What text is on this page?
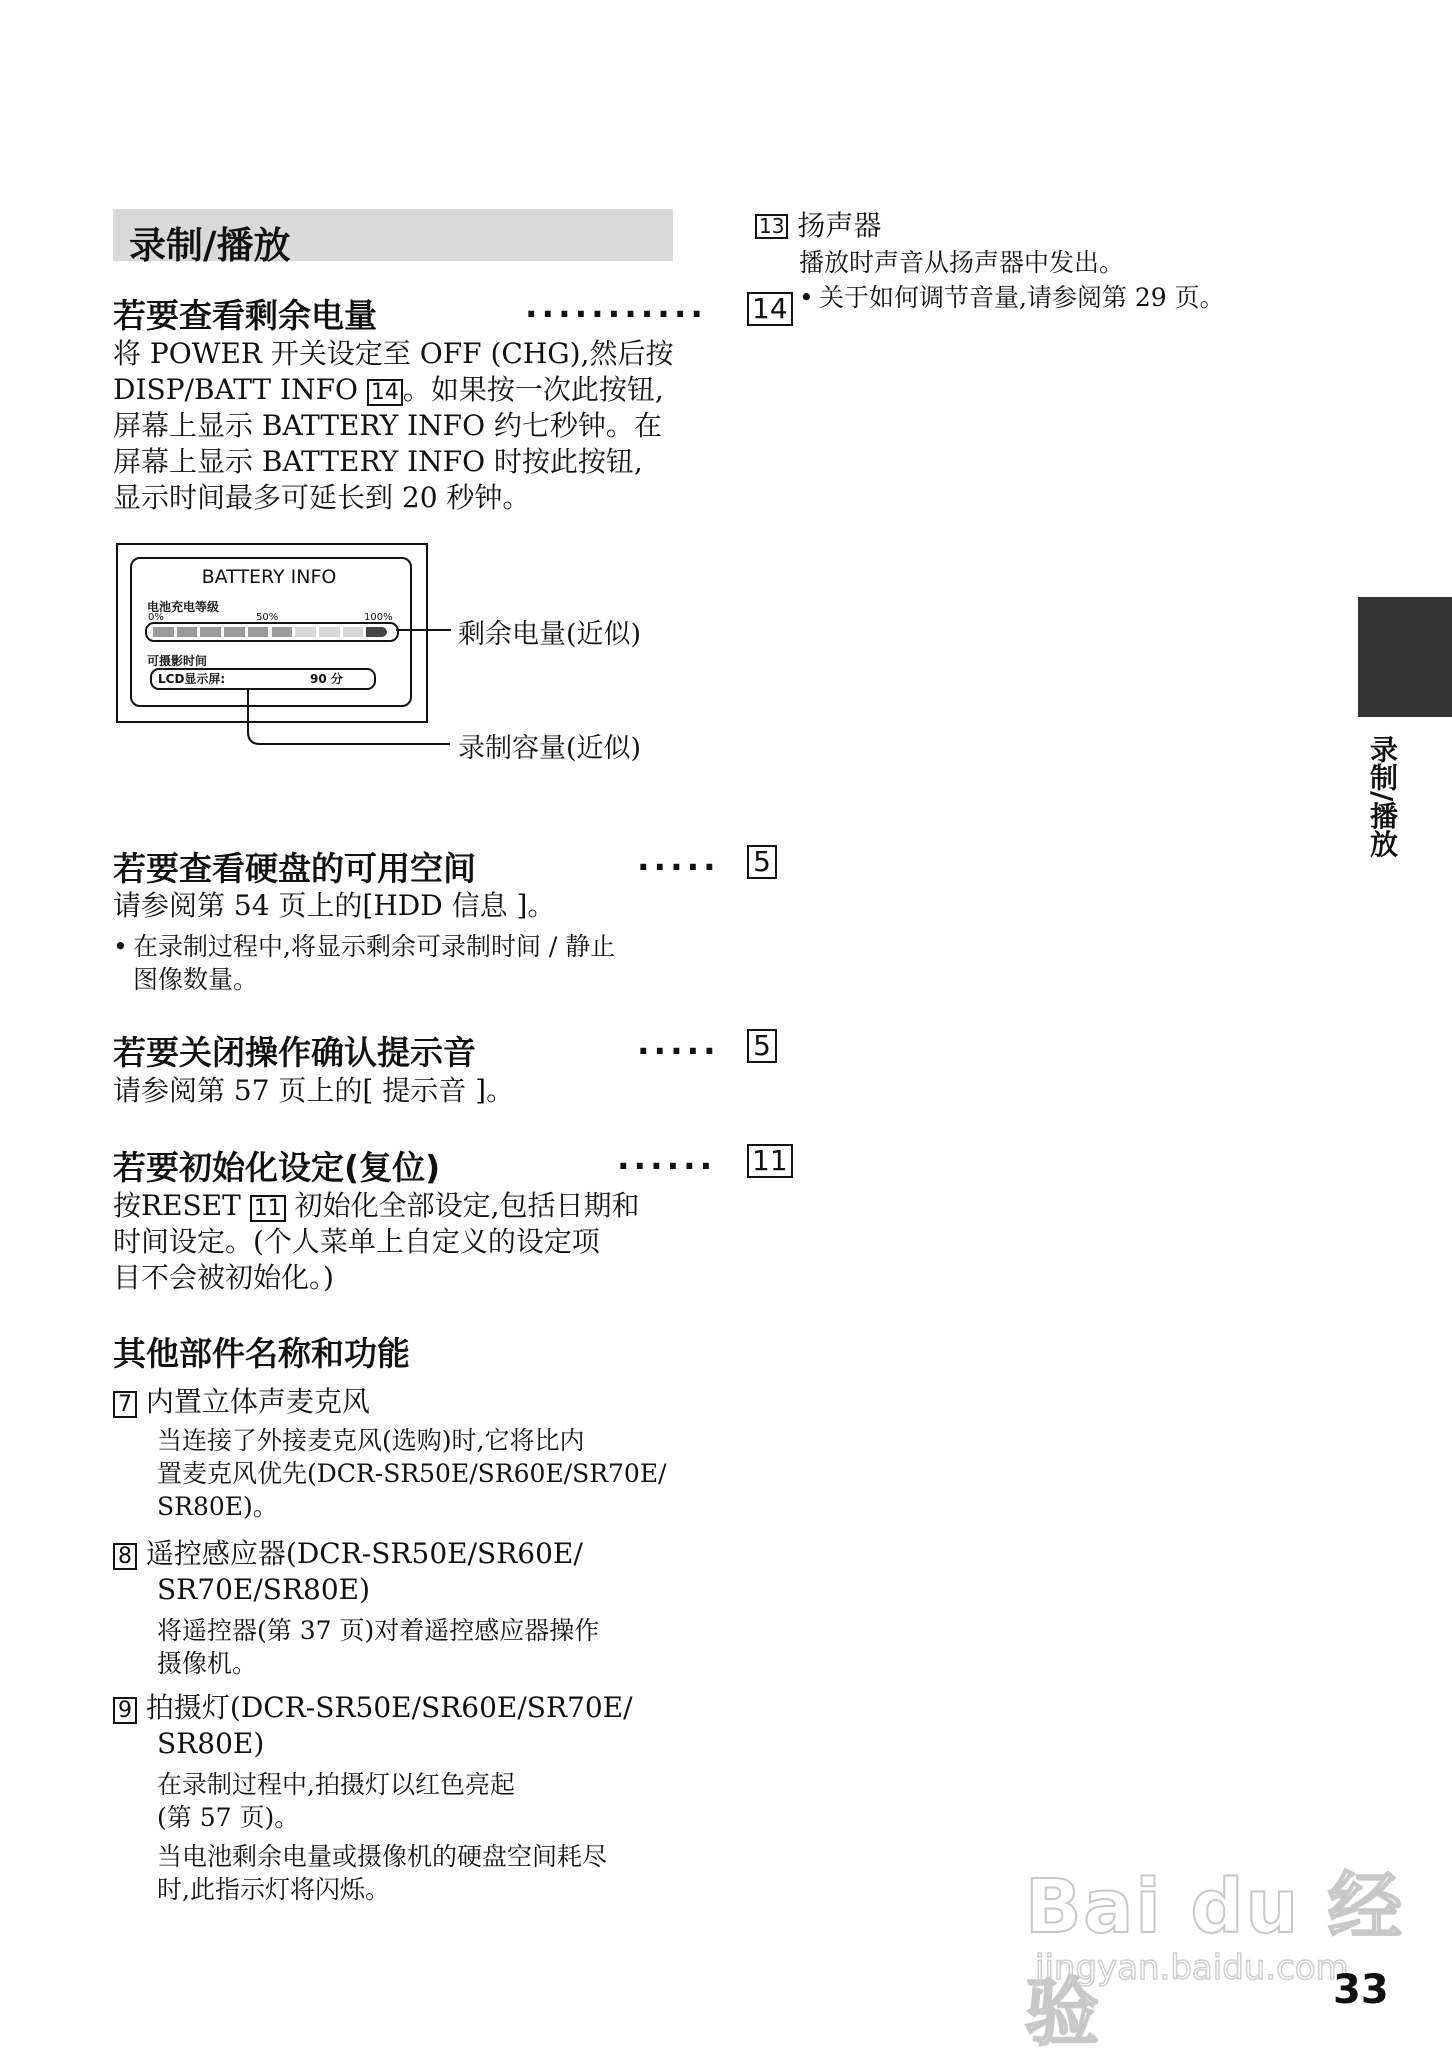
录制/播放
若要查看剩余电量	........... 14
将 POWER 开关设定至 OFF (CHG),然后按
DISP/BATT INFO 14 。如果按一次此按钮,
屏幕上显示 BATTERY INFO 约七秒钟。在
屏幕上显示 BATTERY INFO 时按此按钮,
显示时间最多可延长到 20 秒钟。
BATTERY INFO
电池充电等级
0%	50%	100%
可摄影时间
LCD显示屏:	90 分
剩余电量(近似)
录制容量(近似)
若要查看硬盘的可用空间	..... 5
请参阅第 54 页上的[HDD 信息 ]。
• 在录制过程中,将显示剩余可录制时间 / 静止
图像数量。
若要关闭操作确认提示音	..... 5
请参阅第 57 页上的[ 提示音 ]。
若要初始化设定(复位)	...... 11
按RESET 11 初始化全部设定,包括日期和
时间设定。(个人菜单上自定义的设定项
目不会被初始化。)
其他部件名称和功能
7 内置立体声麦克风
当连接了外接麦克风(选购)时,它将比内
置麦克风优先(DCR-SR50E/SR60E/SR70E/
SR80E)。
8 遥控感应器(DCR-SR50E/SR60E/
SR70E/SR80E)
将遥控器(第 37 页)对着遥控感应器操作
摄像机。
9 拍摄灯(DCR-SR50E/SR60E/SR70E/
SR80E)
在录制过程中,拍摄灯以红色亮起
(第 57 页)。
当电池剩余电量或摄像机的硬盘空间耗尽
时,此指示灯将闪烁。
13 扬声器
播放时声音从扬声器中发出。
• 关于如何调节音量,请参阅第 29 页。
录制/播放
Bai du 经验
jingyan.baidu.com
33
